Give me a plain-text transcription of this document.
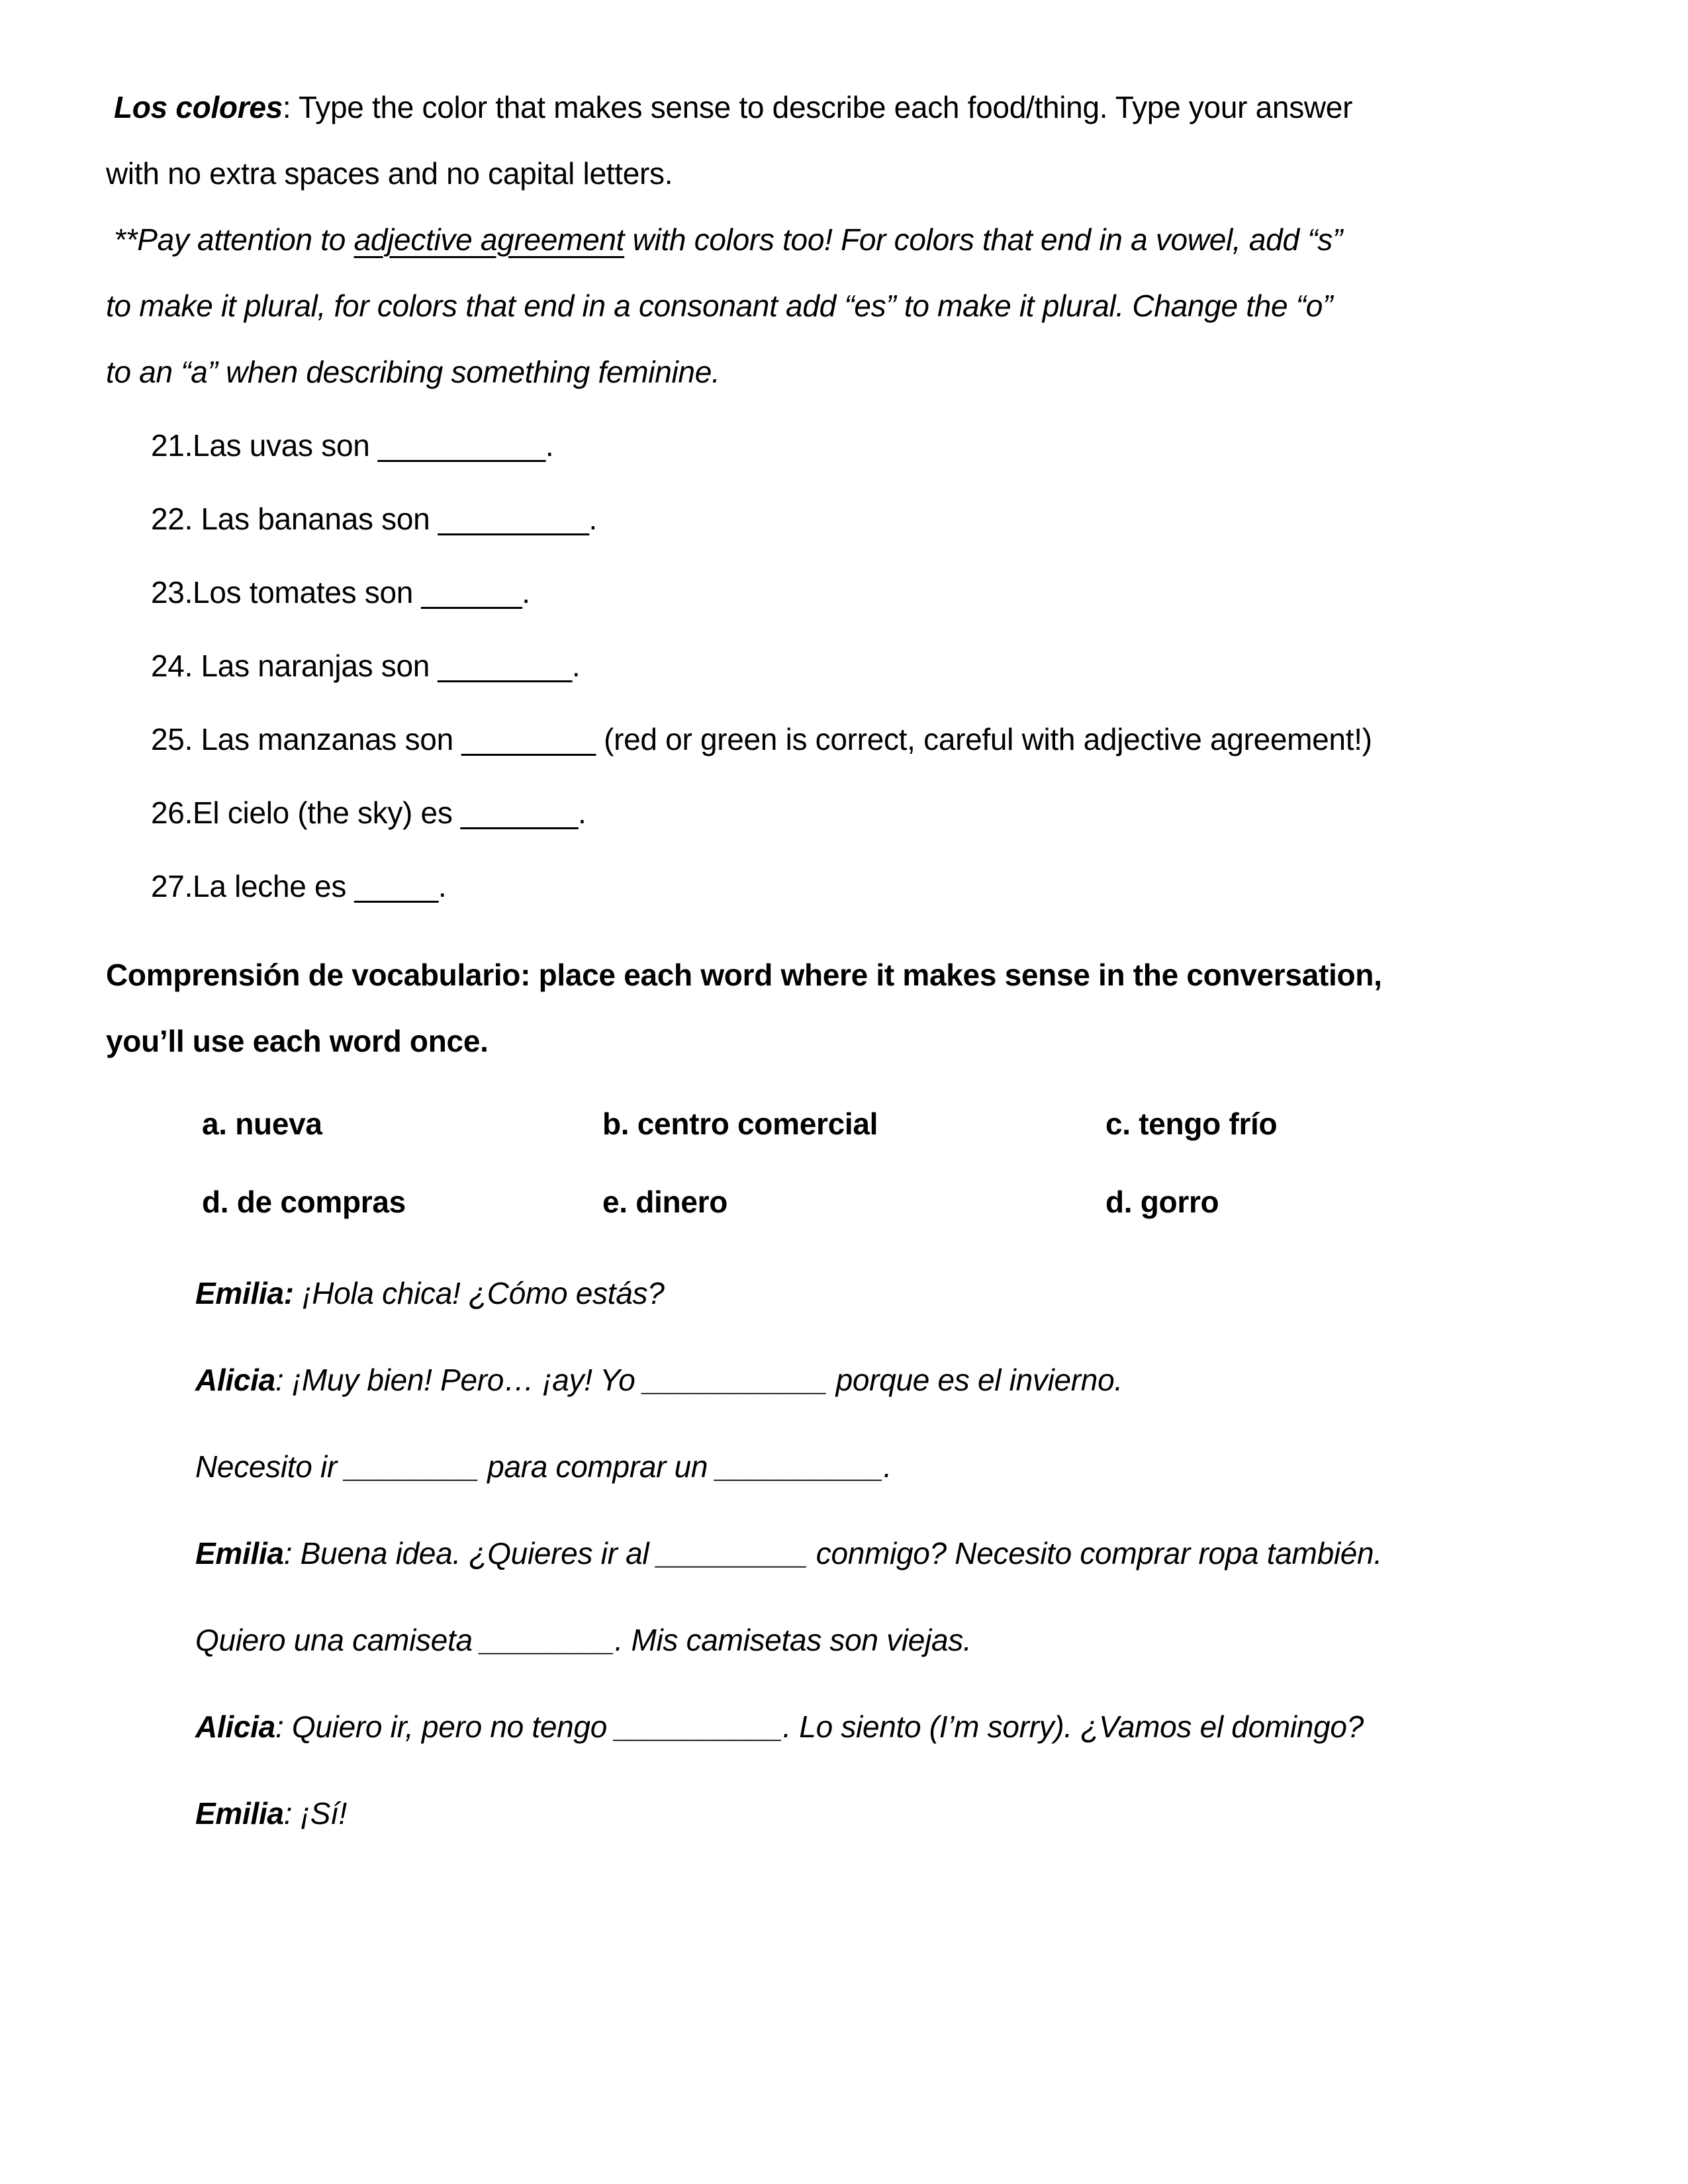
Los colores: Type the color that makes sense to describe each food/thing. Type your answer
with no extra spaces and no capital letters.
**Pay attention to adjective agreement with colors too! For colors that end in a vowel, add “s”
to make it plural, for colors that end in a consonant add “es” to make it plural. Change the “o”
to an “a” when describing something feminine.
21.Las uvas son __________.
22. Las bananas son _________.
23.Los tomates son ______.
24. Las naranjas son ________.
25. Las manzanas son ________ (red or green is correct, careful with adjective agreement!)
26.El cielo (the sky) es _______.
27.La leche es _____.
Comprensión de vocabulario: place each word where it makes sense in the conversation,
you’ll use each word once.
a. nueva	b. centro comercial	c. tengo frío
d. de compras	e. dinero	d. gorro
Emilia: ¡Hola chica! ¿Cómo estás?
Alicia: ¡Muy bien! Pero… ¡ay! Yo ___________ porque es el invierno.
Necesito ir ________ para comprar un __________.
Emilia: Buena idea. ¿Quieres ir al _________ conmigo? Necesito comprar ropa también.
Quiero una camiseta ________. Mis camisetas son viejas.
Alicia: Quiero ir, pero no tengo __________. Lo siento (I’m sorry). ¿Vamos el domingo?
Emilia: ¡Sí!
